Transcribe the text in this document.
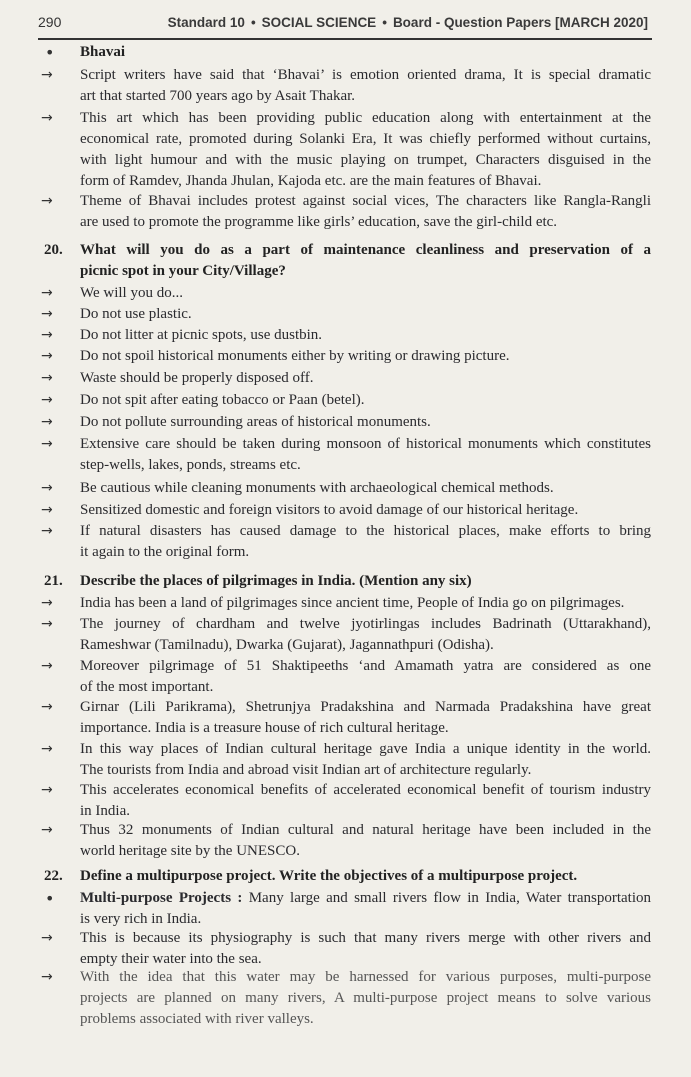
290	Standard 10 • SOCIAL SCIENCE • Board - Question Papers [MARCH 2020]
•	Bhavai

→	Script writers have said that ‘Bhavai’ is emotion oriented drama, It is special dramatic

art that started 700 years ago by Asait Thakar.

→	This art which has been providing public education along with entertainment at the

economical rate, promoted during Solanki Era, It was chiefly performed without curtains,

with light humour and with the music playing on trumpet, Characters disguised in the

form of Ramdev, Jhanda Jhulan, Kajoda etc. are the main features of Bhavai.

→	Theme of Bhavai includes protest against social vices, The characters like Rangla-Rangli

are used to promote the programme like girls’ education, save the girl-child etc.

20. What will you do as a part of maintenance cleanliness and preservation of a

picnic spot in your City/Village?

→	We will you do...

→	Do not use plastic.

→	Do not litter at picnic spots, use dustbin.

→	Do not spoil historical monuments either by writing or drawing picture.

→	Waste should be properly disposed off.

→	Do not spit after eating tobacco or Paan (betel).

→	Do not pollute surrounding areas of historical monuments.

→	Extensive care should be taken during monsoon of historical monuments which constitutes

step-wells, lakes, ponds, streams etc.

→	Be cautious while cleaning monuments with archaeological chemical methods.

→	Sensitized domestic and foreign visitors to avoid damage of our historical heritage.

→	If natural disasters has caused damage to the historical places, make efforts to bring

it again to the original form.

21. Describe the places of pilgrimages in India. (Mention any six)

→	India has been a land of pilgrimages since ancient time, People of India go on pilgrimages.

→	The journey of chardham and twelve jyotirlingas includes Badrinath (Uttarakhand),

Rameshwar (Tamilnadu), Dwarka (Gujarat), Jagannathpuri (Odisha).

→	Moreover pilgrimage of 51 Shaktipeeths ‘and Amamath yatra are considered as one

of the most important.

→	Girnar (Lili Parikrama), Shetrunjya Pradakshina and Narmada Pradakshina have great

importance. India is a treasure house of rich cultural heritage.

→	In this way places of Indian cultural heritage gave India a unique identity in the world.

The tourists from India and abroad visit Indian art of architecture regularly.

→	This accelerates economical benefits of accelerated economical benefit of tourism industry

in India.

→	Thus 32 monuments of Indian cultural and natural heritage have been included in the

world heritage site by the UNESCO.

22. Define a multipurpose project. Write the objectives of a multipurpose project.

•	Multi-purpose Projects : Many large and small rivers flow in India, Water transportation

is very rich in India.

→	This is because its physiography is such that many rivers merge with other rivers and

empty their water into the sea.

→	With the idea that this water may be harnessed for various purposes, multi-purpose

projects are planned on many rivers, A multi-purpose project means to solve various

problems associated with river valleys.
